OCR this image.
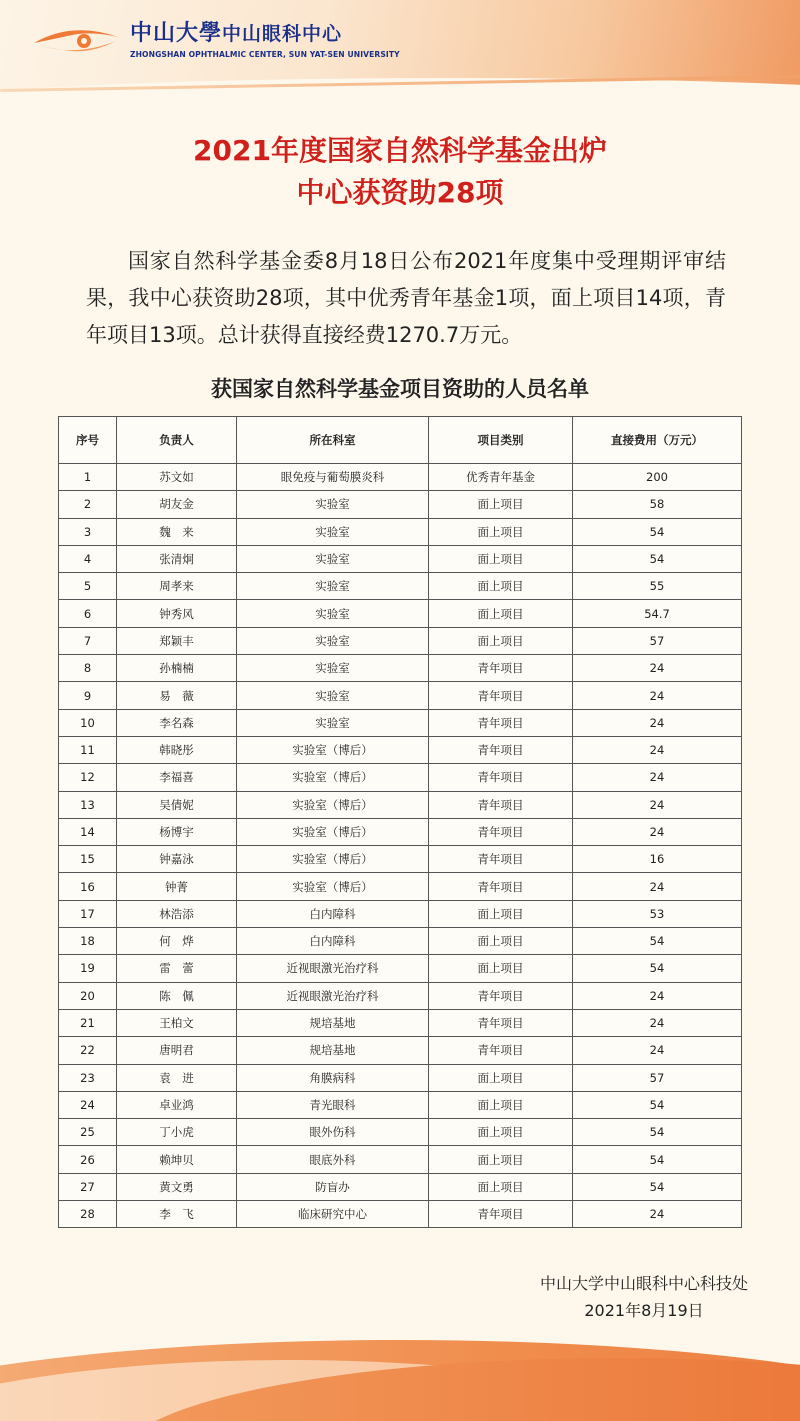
中山大學中山眼科中心
ZHONGSHAN OPHTHALMIC CENTER, SUN YAT-SEN UNIVERSITY
2021年度国家自然科学基金出炉
中心获资助28项

国家自然科学基金委8月18日公布2021年度集中受理期评审结果，我中心获资助28项，其中优秀青年基金1项，面上项目14项，青年项目13项。总计获得直接经费1270.7万元。

获国家自然科学基金项目资助的人员名单
序号	负责人	所在科室	项目类别	直接费用（万元）
1	苏文如	眼免疫与葡萄膜炎科	优秀青年基金	200
2	胡友金	实验室	面上项目	58
3	魏　来	实验室	面上项目	54
4	张清炯	实验室	面上项目	54
5	周孝来	实验室	面上项目	55
6	钟秀风	实验室	面上项目	54.7
7	郑颖丰	实验室	面上项目	57
8	孙楠楠	实验室	青年项目	24
9	易　薇	实验室	青年项目	24
10	李名森	实验室	青年项目	24
11	韩晓彤	实验室（博后）	青年项目	24
12	李福喜	实验室（博后）	青年项目	24
13	吴倩妮	实验室（博后）	青年项目	24
14	杨博宇	实验室（博后）	青年项目	24
15	钟嘉泳	实验室（博后）	青年项目	16
16	钟菁	实验室（博后）	青年项目	24
17	林浩添	白内障科	面上项目	53
18	何　烨	白内障科	面上项目	54
19	雷　蕾	近视眼激光治疗科	面上项目	54
20	陈　佩	近视眼激光治疗科	青年项目	24
21	王柏文	规培基地	青年项目	24
22	唐明君	规培基地	青年项目	24
23	袁　进	角膜病科	面上项目	57
24	卓业鸿	青光眼科	面上项目	54
25	丁小虎	眼外伤科	面上项目	54
26	赖坤贝	眼底外科	面上项目	54
27	黄文勇	防盲办	面上项目	54
28	李　飞	临床研究中心	青年项目	24
中山大学中山眼科中心科技处
2021年8月19日
